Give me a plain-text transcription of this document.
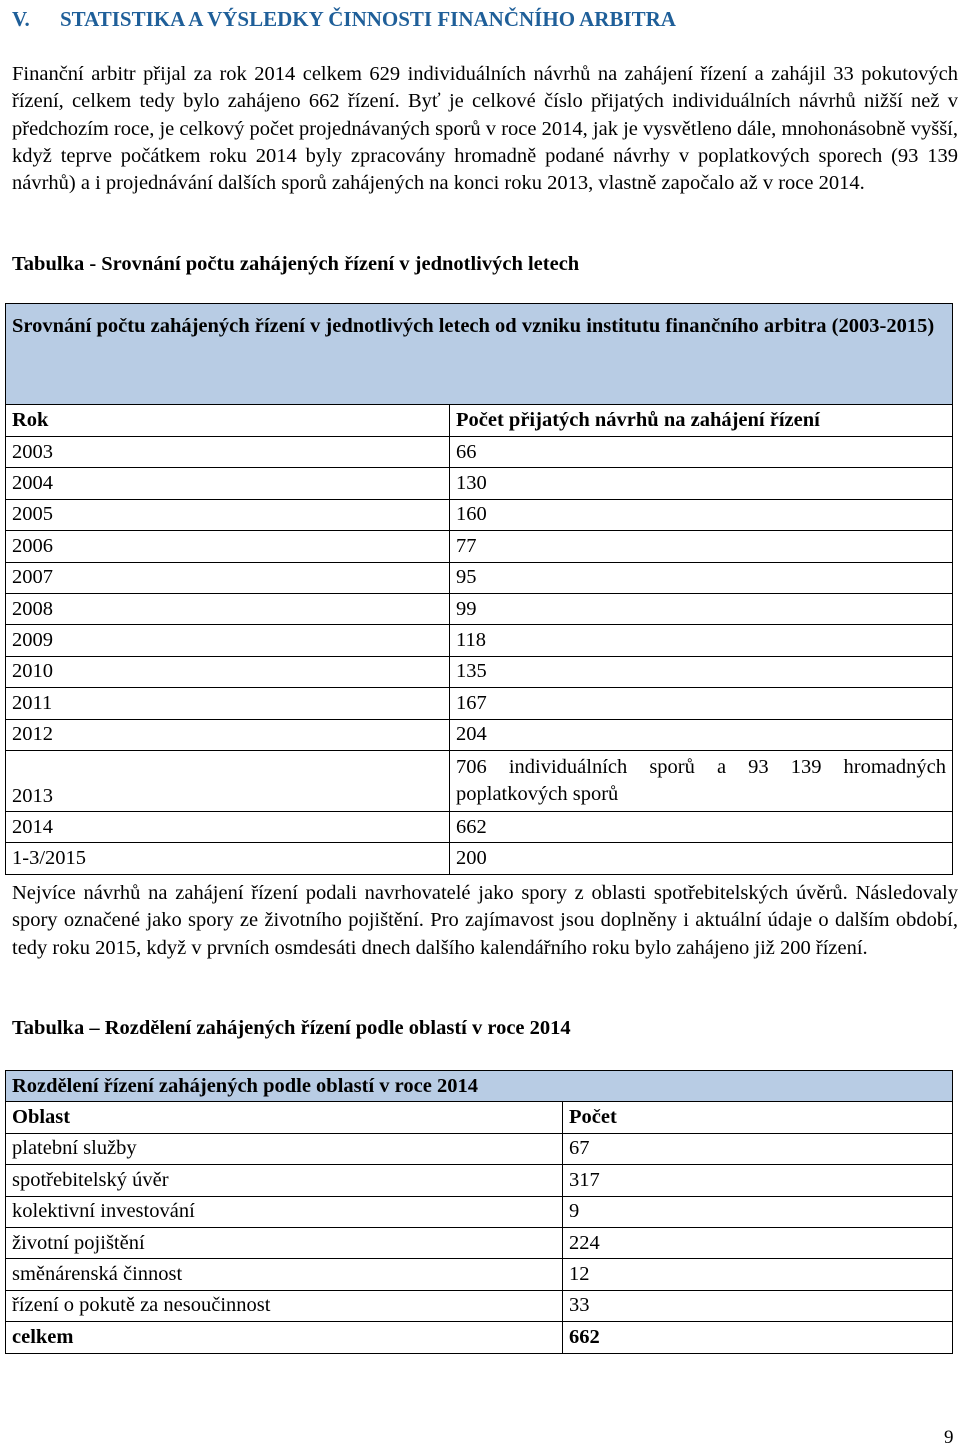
V. STATISTIKA A VÝSLEDKY ČINNOSTI FINANČNÍHO ARBITRA
Finanční arbitr přijal za rok 2014 celkem 629 individuálních návrhů na zahájení řízení a zahájil 33 pokutových řízení, celkem tedy bylo zahájeno 662 řízení. Byť je celkové číslo přijatých individuálních návrhů nižší než v předchozím roce, je celkový počet projednávaných sporů v roce 2014, jak je vysvětleno dále, mnohonásobně vyšší, když teprve počátkem roku 2014 byly zpracovány hromadně podané návrhy v poplatkových sporech (93 139 návrhů) a i projednávání dalších sporů zahájených na konci roku 2013, vlastně započalo až v roce 2014.
Tabulka - Srovnání počtu zahájených řízení v jednotlivých letech
Srovnání počtu zahájených řízení v jednotlivých letech od vzniku institutu finančního arbitra (2003-2015)	
Rok	Počet přijatých návrhů na zahájení řízení
2003	66
2004	130
2005	160
2006	77
2007	95
2008	99
2009	118
2010	135
2011	167
2012	204
2013	706 individuálních sporů a 93 139 hromadných poplatkových sporů
2014	662
1-3/2015	200
Nejvíce návrhů na zahájení řízení podali navrhovatelé jako spory z oblasti spotřebitelských úvěrů. Následovaly spory označené jako spory ze životního pojištění. Pro zajímavost jsou doplněny i aktuální údaje o dalším období, tedy roku 2015, když v prvních osmdesáti dnech dalšího kalendářního roku bylo zahájeno již 200 řízení.
Tabulka – Rozdělení zahájených řízení podle oblastí v roce 2014
Rozdělení řízení zahájených podle oblastí v roce 2014	
Oblast	Počet
platební služby	67
spotřebitelský úvěr	317
kolektivní investování	9
životní pojištění	224
směnárenská činnost	12
řízení o pokutě za nesoučinnost	33
celkem	662
9
